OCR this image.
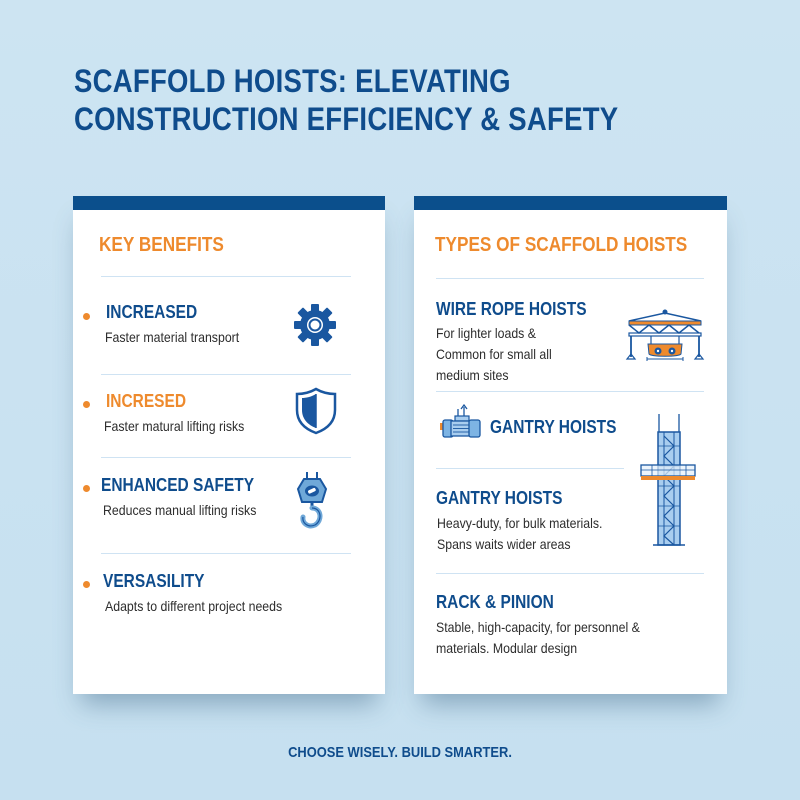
SCAFFOLD HOISTS: ELEVATING
CONSTRUCTION EFFICIENCY & SAFETY
KEY BENEFITS
INCREASED
Faster material transport
INCRESED
Faster matural lifting risks
ENHANCED SAFETY
Reduces manual lifting risks
VERSASILITY
Adapts to different project needs
TYPES OF SCAFFOLD HOISTS
WIRE ROPE HOISTS
For lighter loads &
Common for small all
medium sites
GANTRY HOISTS
GANTRY HOISTS
Heavy-duty, for bulk materials.
Spans waits wider areas
RACK & PINION
Stable, high-capacity, for personnel &
materials. Modular design
CHOOSE WISELY. BUILD SMARTER.
